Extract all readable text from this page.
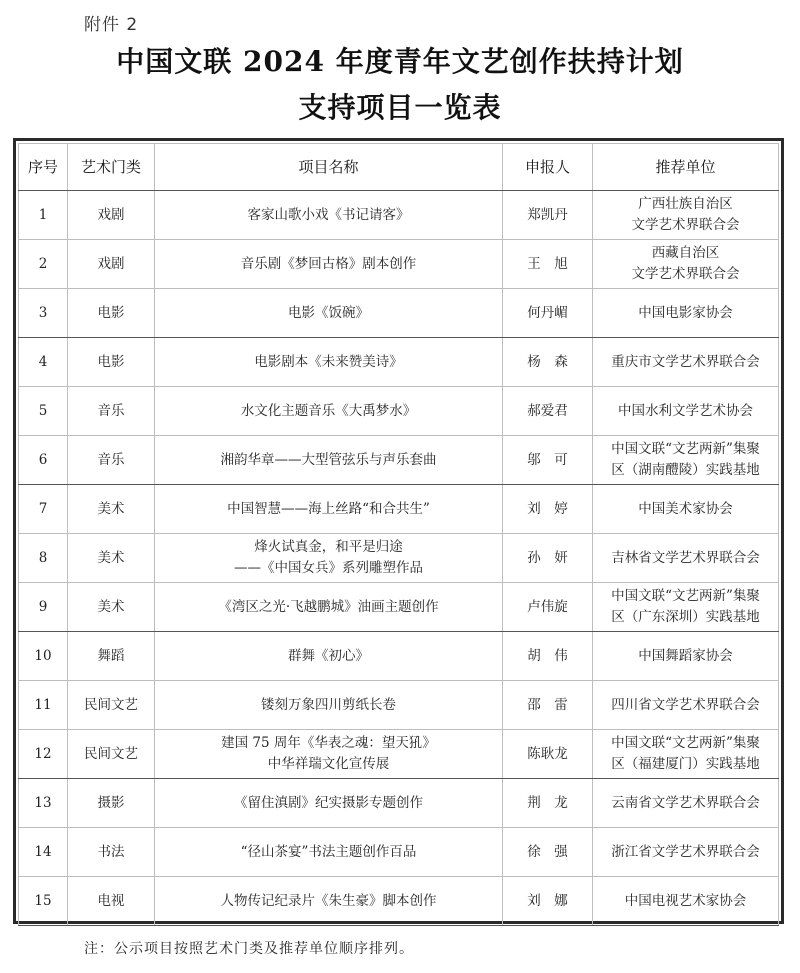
附件 2
中国文联 2024 年度青年文艺创作扶持计划
支持项目一览表
序号	艺术门类	项目名称	申报人	推荐单位
1	戏剧	客家山歌小戏《书记请客》	郑凯丹	广西壮族自治区
文学艺术界联合会

2	戏剧	音乐剧《梦回古格》剧本创作	王　旭	西藏自治区
文学艺术界联合会

3	电影	电影《饭碗》	何丹嵋	中国电影家协会

4	电影	电影剧本《未来赞美诗》	杨　森	重庆市文学艺术界联合会

5	音乐	水文化主题音乐《大禹梦水》	郝爱君	中国水利文学艺术协会

6	音乐	湘韵华章——大型管弦乐与声乐套曲	邬　可	中国文联“文艺两新”集聚
区（湖南醴陵）实践基地

7	美术	中国智慧——海上丝路“和合共生”	刘　婷	中国美术家协会

8	美术	烽火试真金，和平是归途
——《中国女兵》系列雕塑作品	孙　妍	吉林省文学艺术界联合会

9	美术	《湾区之光·飞越鹏城》油画主题创作	卢伟旋	中国文联“文艺两新”集聚
区（广东深圳）实践基地

10	舞蹈	群舞《初心》	胡　伟	中国舞蹈家协会

11	民间文艺	镂刻万象四川剪纸长卷	邵　雷	四川省文学艺术界联合会

12	民间文艺	建国 75 周年《华表之魂：望天犼》
中华祥瑞文化宣传展	陈耿龙	中国文联“文艺两新”集聚
区（福建厦门）实践基地

13	摄影	《留住滇剧》纪实摄影专题创作	荆　龙	云南省文学艺术界联合会

14	书法	“径山茶宴”书法主题创作百品	徐　强	浙江省文学艺术界联合会

15	电视	人物传记纪录片《朱生豪》脚本创作	刘　娜	中国电视艺术家协会
注：公示项目按照艺术门类及推荐单位顺序排列。
